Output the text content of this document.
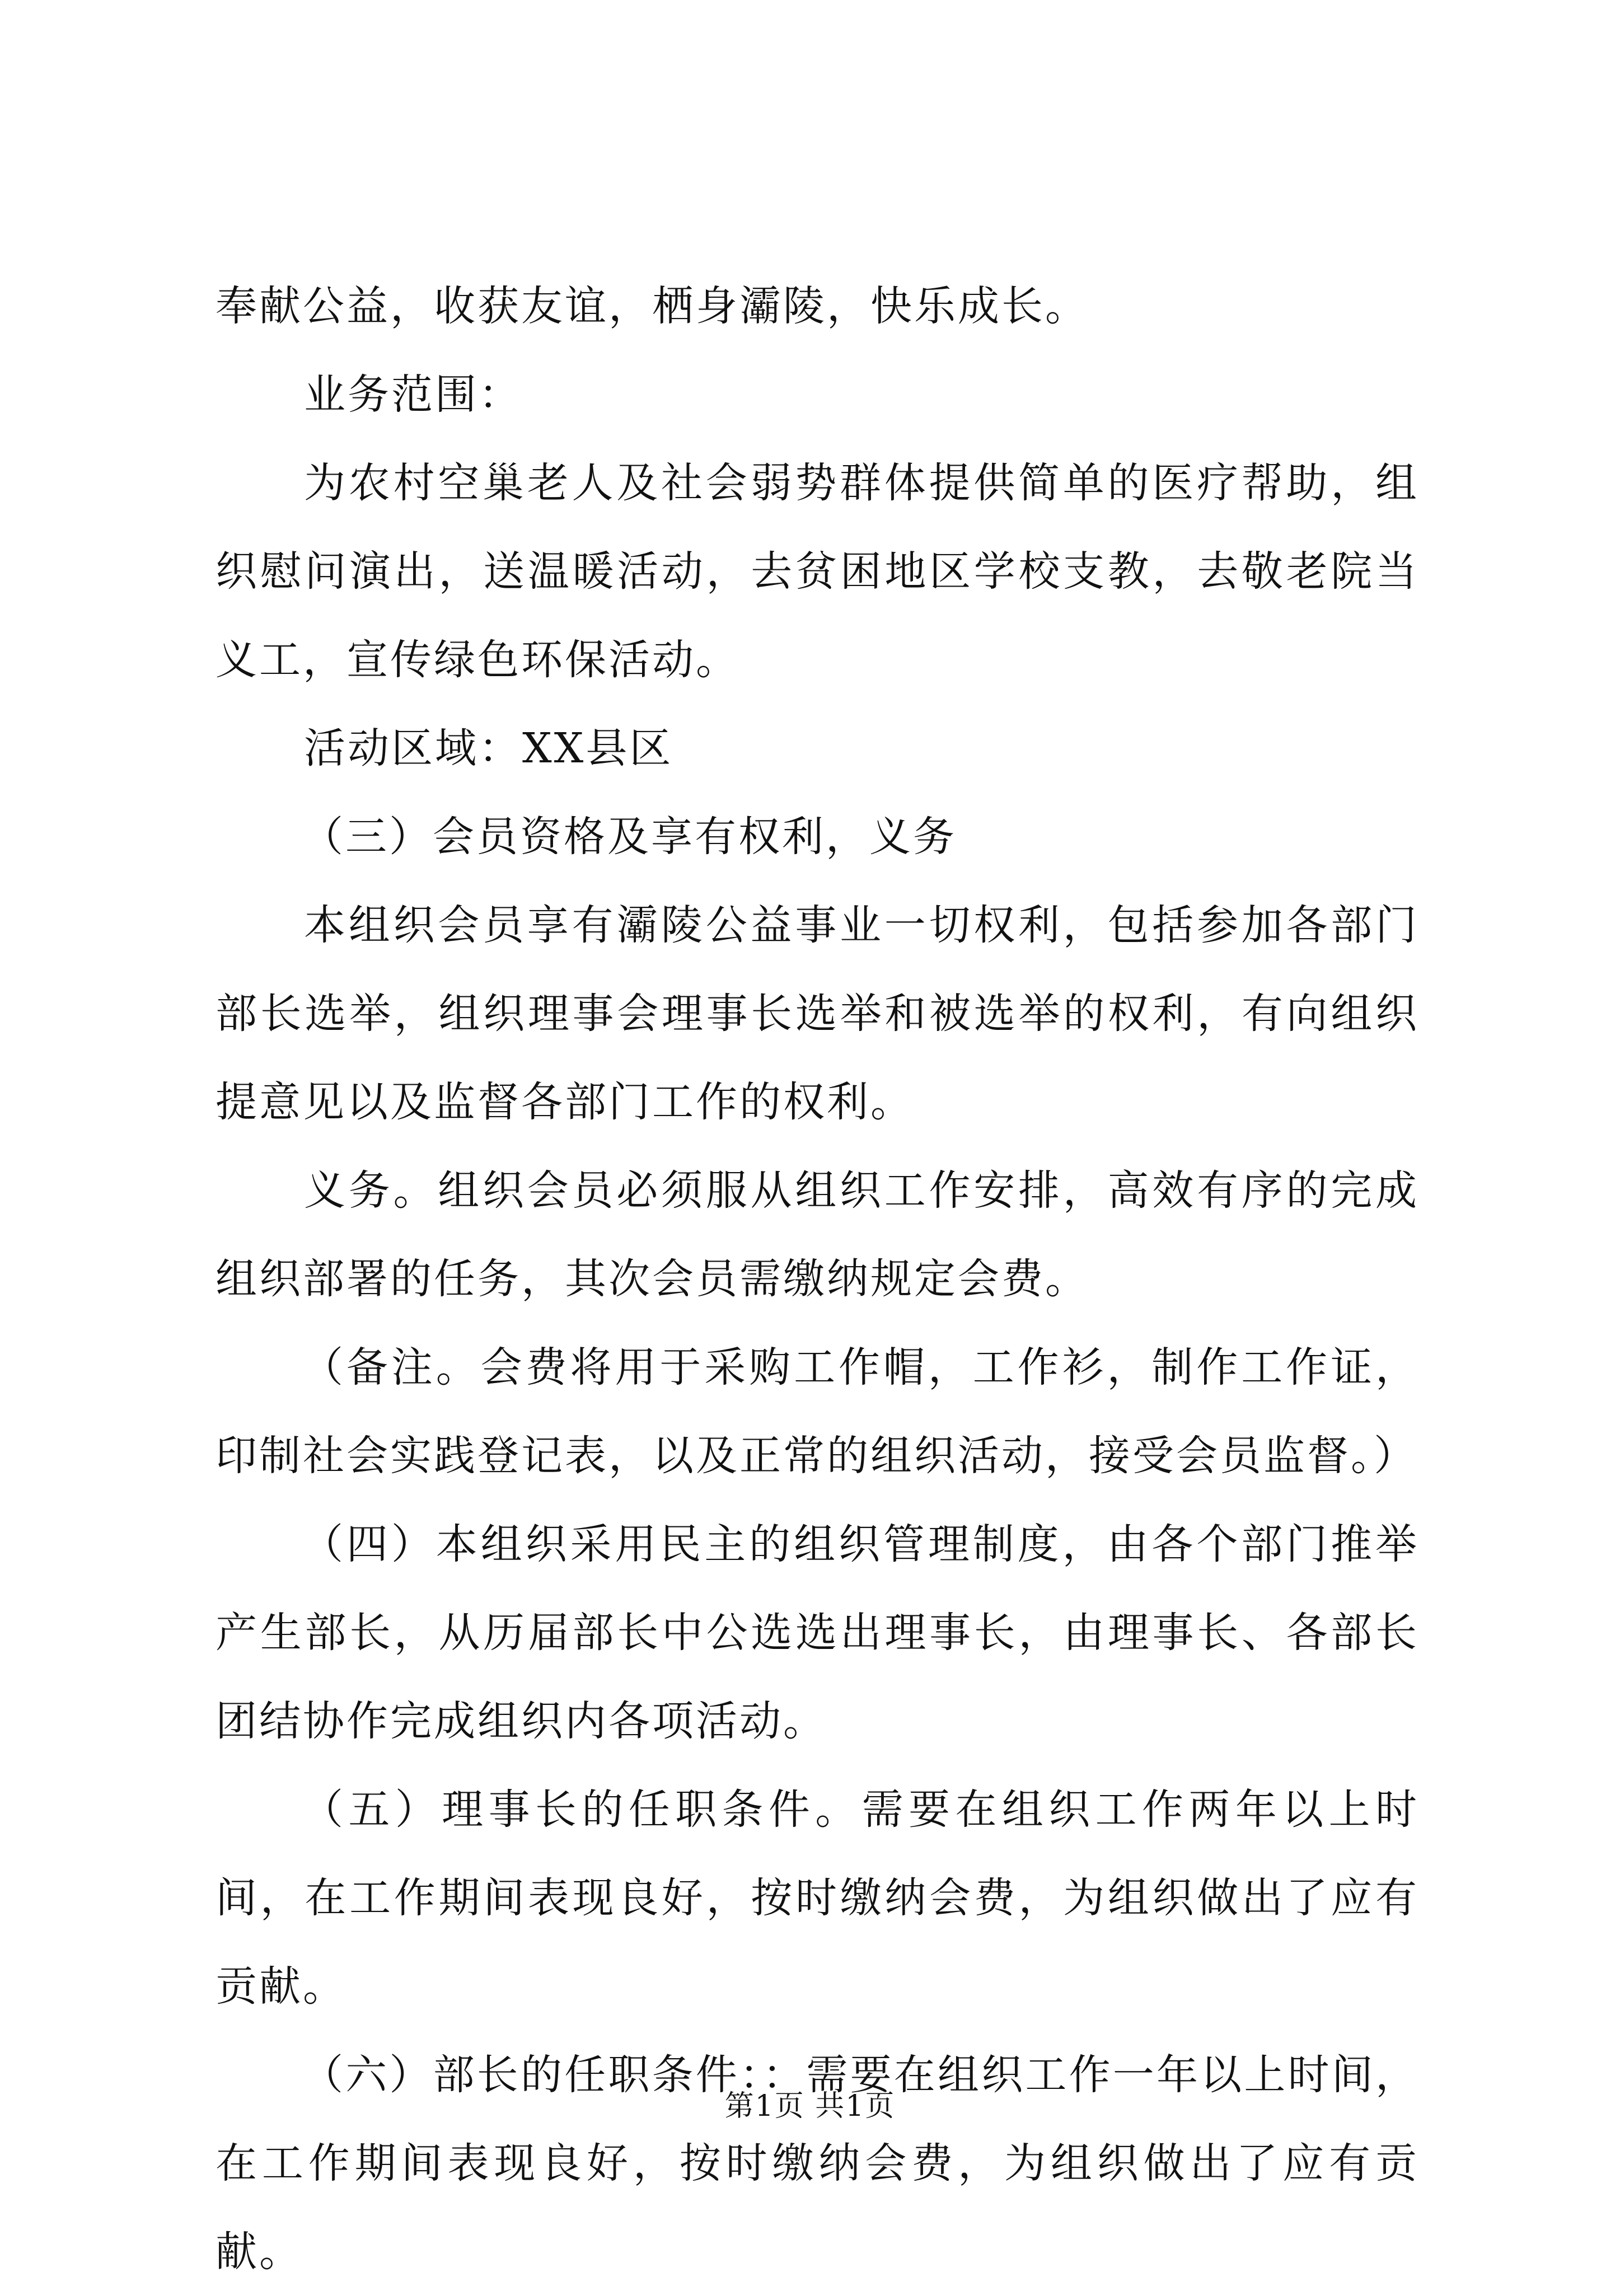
奉献公益，收获友谊，栖身灞陵，快乐成长。

业务范围：

为农村空巢老人及社会弱势群体提供简单的医疗帮助，组织慰问演出，送温暖活动，去贫困地区学校支教，去敬老院当义工，宣传绿色环保活动。

活动区域：XX县区

（三）会员资格及享有权利，义务

本组织会员享有灞陵公益事业一切权利，包括参加各部门部长选举，组织理事会理事长选举和被选举的权利，有向组织提意见以及监督各部门工作的权利。

义务。组织会员必须服从组织工作安排，高效有序的完成组织部署的任务，其次会员需缴纳规定会费。

（备注。会费将用于采购工作帽，工作衫，制作工作证，印制社会实践登记表，以及正常的组织活动，接受会员监督。）

（四）本组织采用民主的组织管理制度，由各个部门推举产生部长，从历届部长中公选选出理事长，由理事长、各部长团结协作完成组织内各项活动。

（五）理事长的任职条件。需要在组织工作两年以上时间，在工作期间表现良好，按时缴纳会费，为组织做出了应有贡献。

（六）部长的任职条件：：需要在组织工作一年以上时间，在工作期间表现良好，按时缴纳会费，为组织做出了应有贡献。

第1页 共1页
